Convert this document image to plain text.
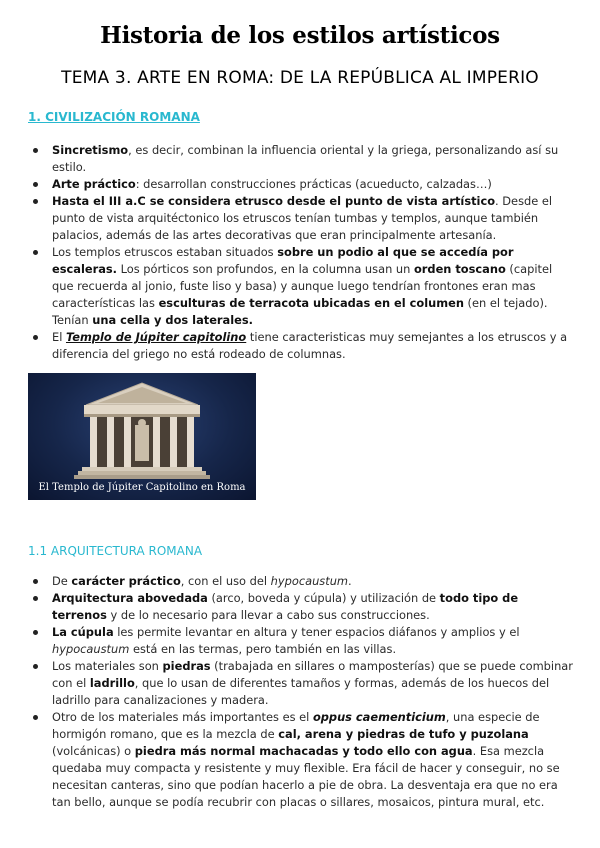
Historia de los estilos artísticos
TEMA 3. ARTE EN ROMA: DE LA REPÚBLICA AL IMPERIO
1. CIVILIZACIÓN ROMANA
Sincretismo, es decir, combinan la influencia oriental y la griega, personalizando así su estilo.
Arte práctico: desarrollan construcciones prácticas (acueducto, calzadas…)
Hasta el III a.C se considera etrusco desde el punto de vista artístico. Desde el punto de vista arquitéctonico los etruscos tenían tumbas y templos, aunque también palacios, además de las artes decorativas que eran principalmente artesanía.
Los templos etruscos estaban situados sobre un podio al que se accedía por escaleras. Los pórticos son profundos, en la columna usan un orden toscano (capitel que recuerda al jonio, fuste liso y basa) y aunque luego tendrían frontones eran mas características las esculturas de terracota ubicadas en el columen (en el tejado). Tenían una cella y dos laterales.
El Templo de Júpiter capitolino tiene caracteristicas muy semejantes a los etruscos y a diferencia del griego no está rodeado de columnas.
El Templo de Júpiter Capitolino en Roma
1.1 ARQUITECTURA ROMANA
De carácter práctico, con el uso del hypocaustum.
Arquitectura abovedada (arco, boveda y cúpula) y utilización de todo tipo de terrenos y de lo necesario para llevar a cabo sus construcciones.
La cúpula les permite levantar en altura y tener espacios diáfanos y amplios y el hypocaustum está en las termas, pero también en las villas.
Los materiales son piedras (trabajada en sillares o mamposterías) que se puede combinar con el ladrillo, que lo usan de diferentes tamaños y formas, además de los huecos del ladrillo para canalizaciones y madera.
Otro de los materiales más importantes es el oppus caementicium, una especie de hormigón romano, que es la mezcla de cal, arena y piedras de tufo y puzolana (volcánicas) o piedra más normal machacadas y todo ello con agua. Esa mezcla quedaba muy compacta y resistente y muy flexible. Era fácil de hacer y conseguir, no se necesitan canteras, sino que podían hacerlo a pie de obra. La desventaja era que no era tan bello, aunque se podía recubrir con placas o sillares, mosaicos, pintura mural, etc.
